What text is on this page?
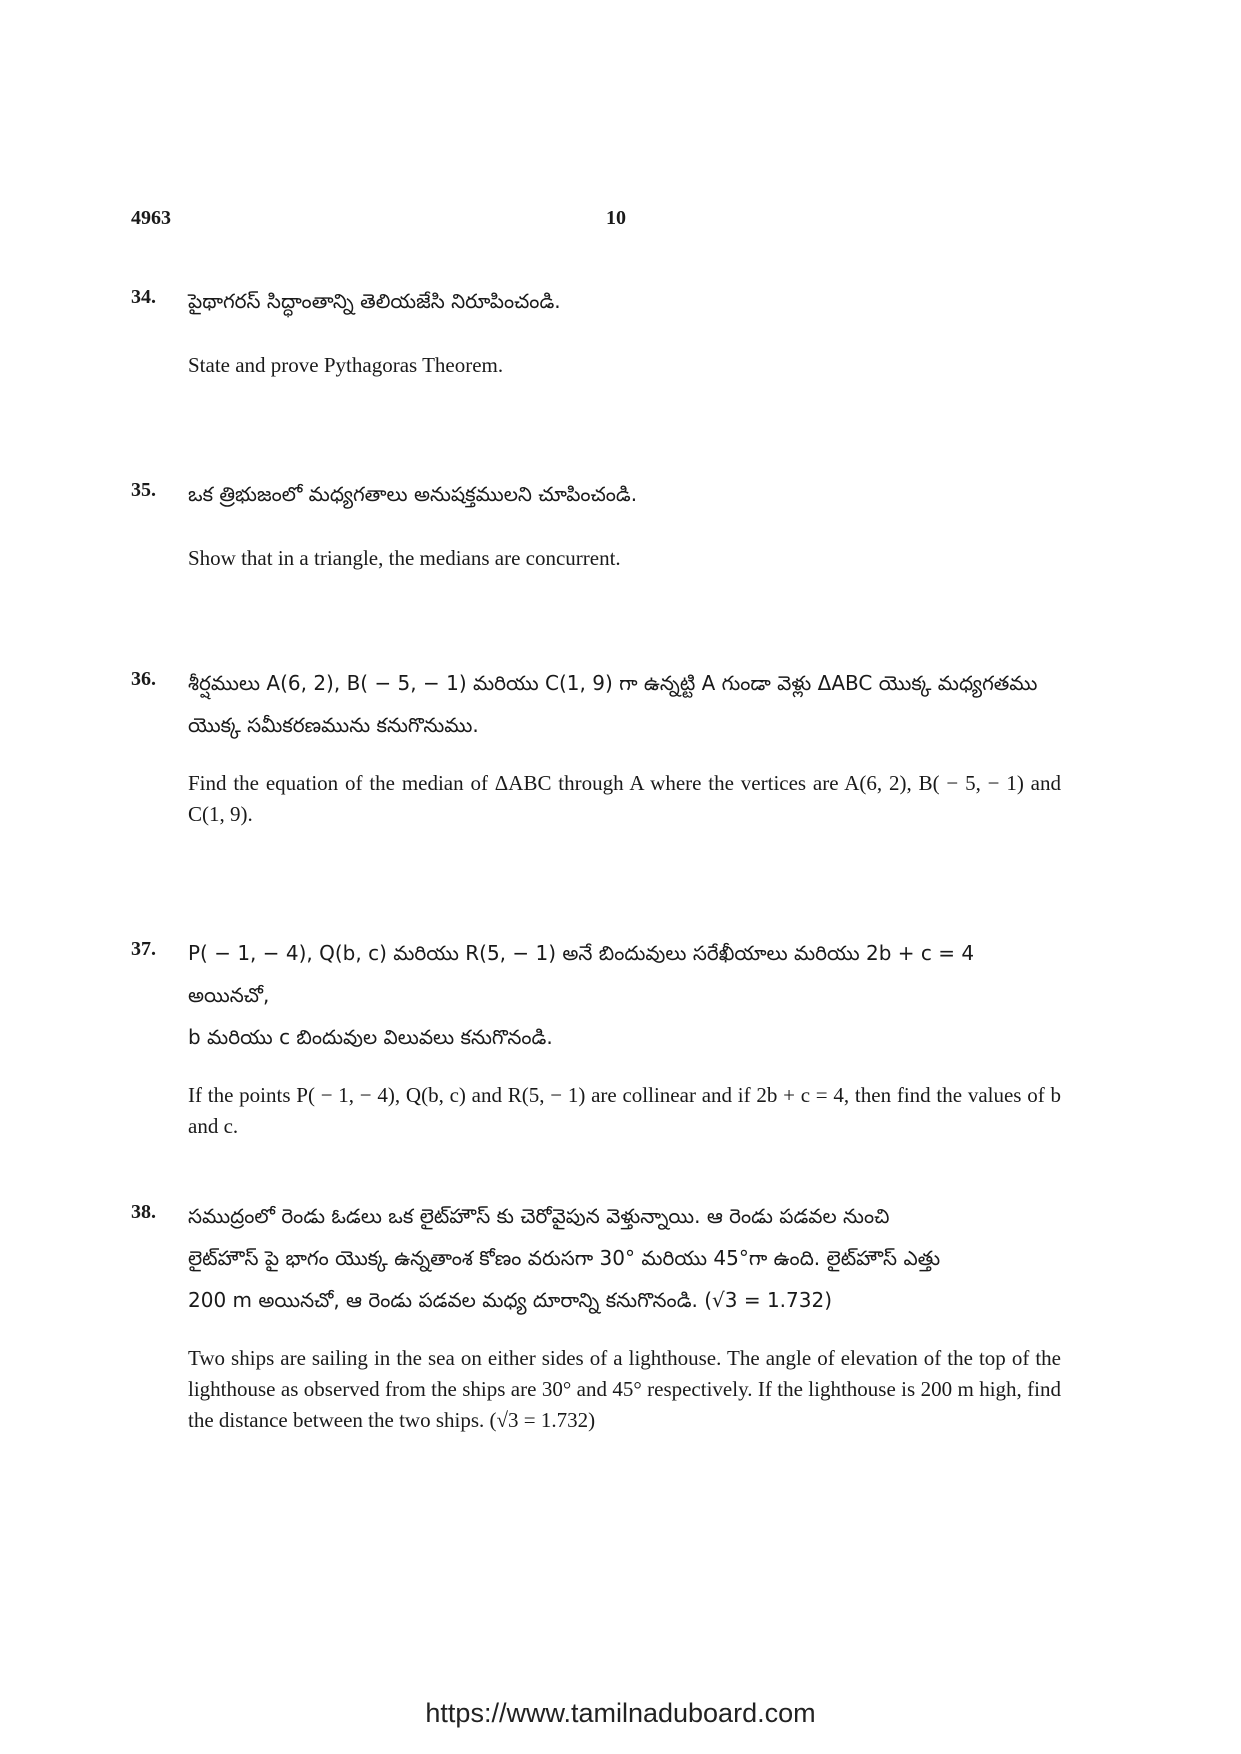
4963	10
34. పైథాగరస్ సిద్ధాంతాన్ని తెలియజేసి నిరూపించండి.

State and prove Pythagoras Theorem.

35. ఒక త్రిభుజంలో మధ్యగతాలు అనుషక్తములని చూపించండి.

Show that in a triangle, the medians are concurrent.

36. శీర్షములు A(6, 2), B( − 5, − 1) మరియు C(1, 9) గా ఉన్నట్టి A గుండా వెళ్లు ΔABC యొక్క మధ్యగతము

యొక్క సమీకరణమును కనుగొనుము.

Find the equation of the median of ΔABC through A where the vertices are A(6, 2), B( − 5, − 1) and C(1, 9).

37. P( − 1, − 4), Q(b, c) మరియు R(5, − 1) అనే బిందువులు సరేఖీయాలు మరియు 2b + c = 4 అయినచో,

b మరియు c బిందువుల విలువలు కనుగొనండి.

If the points P( − 1, − 4), Q(b, c) and R(5, − 1) are collinear and if 2b + c = 4, then find the values of b and c.

38. సముద్రంలో రెండు ఓడలు ఒక లైట్‌హౌస్ కు చెరోవైపున వెళ్తున్నాయి. ఆ రెండు పడవల నుంచి

లైట్‌హౌస్ పై భాగం యొక్క ఉన్నతాంశ కోణం వరుసగా 30° మరియు 45°గా ఉంది. లైట్‌హౌస్ ఎత్తు

200 m అయినచో, ఆ రెండు పడవల మధ్య దూరాన్ని కనుగొనండి. (√3 = 1.732)

Two ships are sailing in the sea on either sides of a lighthouse. The angle of elevation of the top of the lighthouse as observed from the ships are 30° and 45° respectively. If the lighthouse is 200 m high, find the distance between the two ships. (√3 = 1.732)

https://www.tamilnaduboard.com
